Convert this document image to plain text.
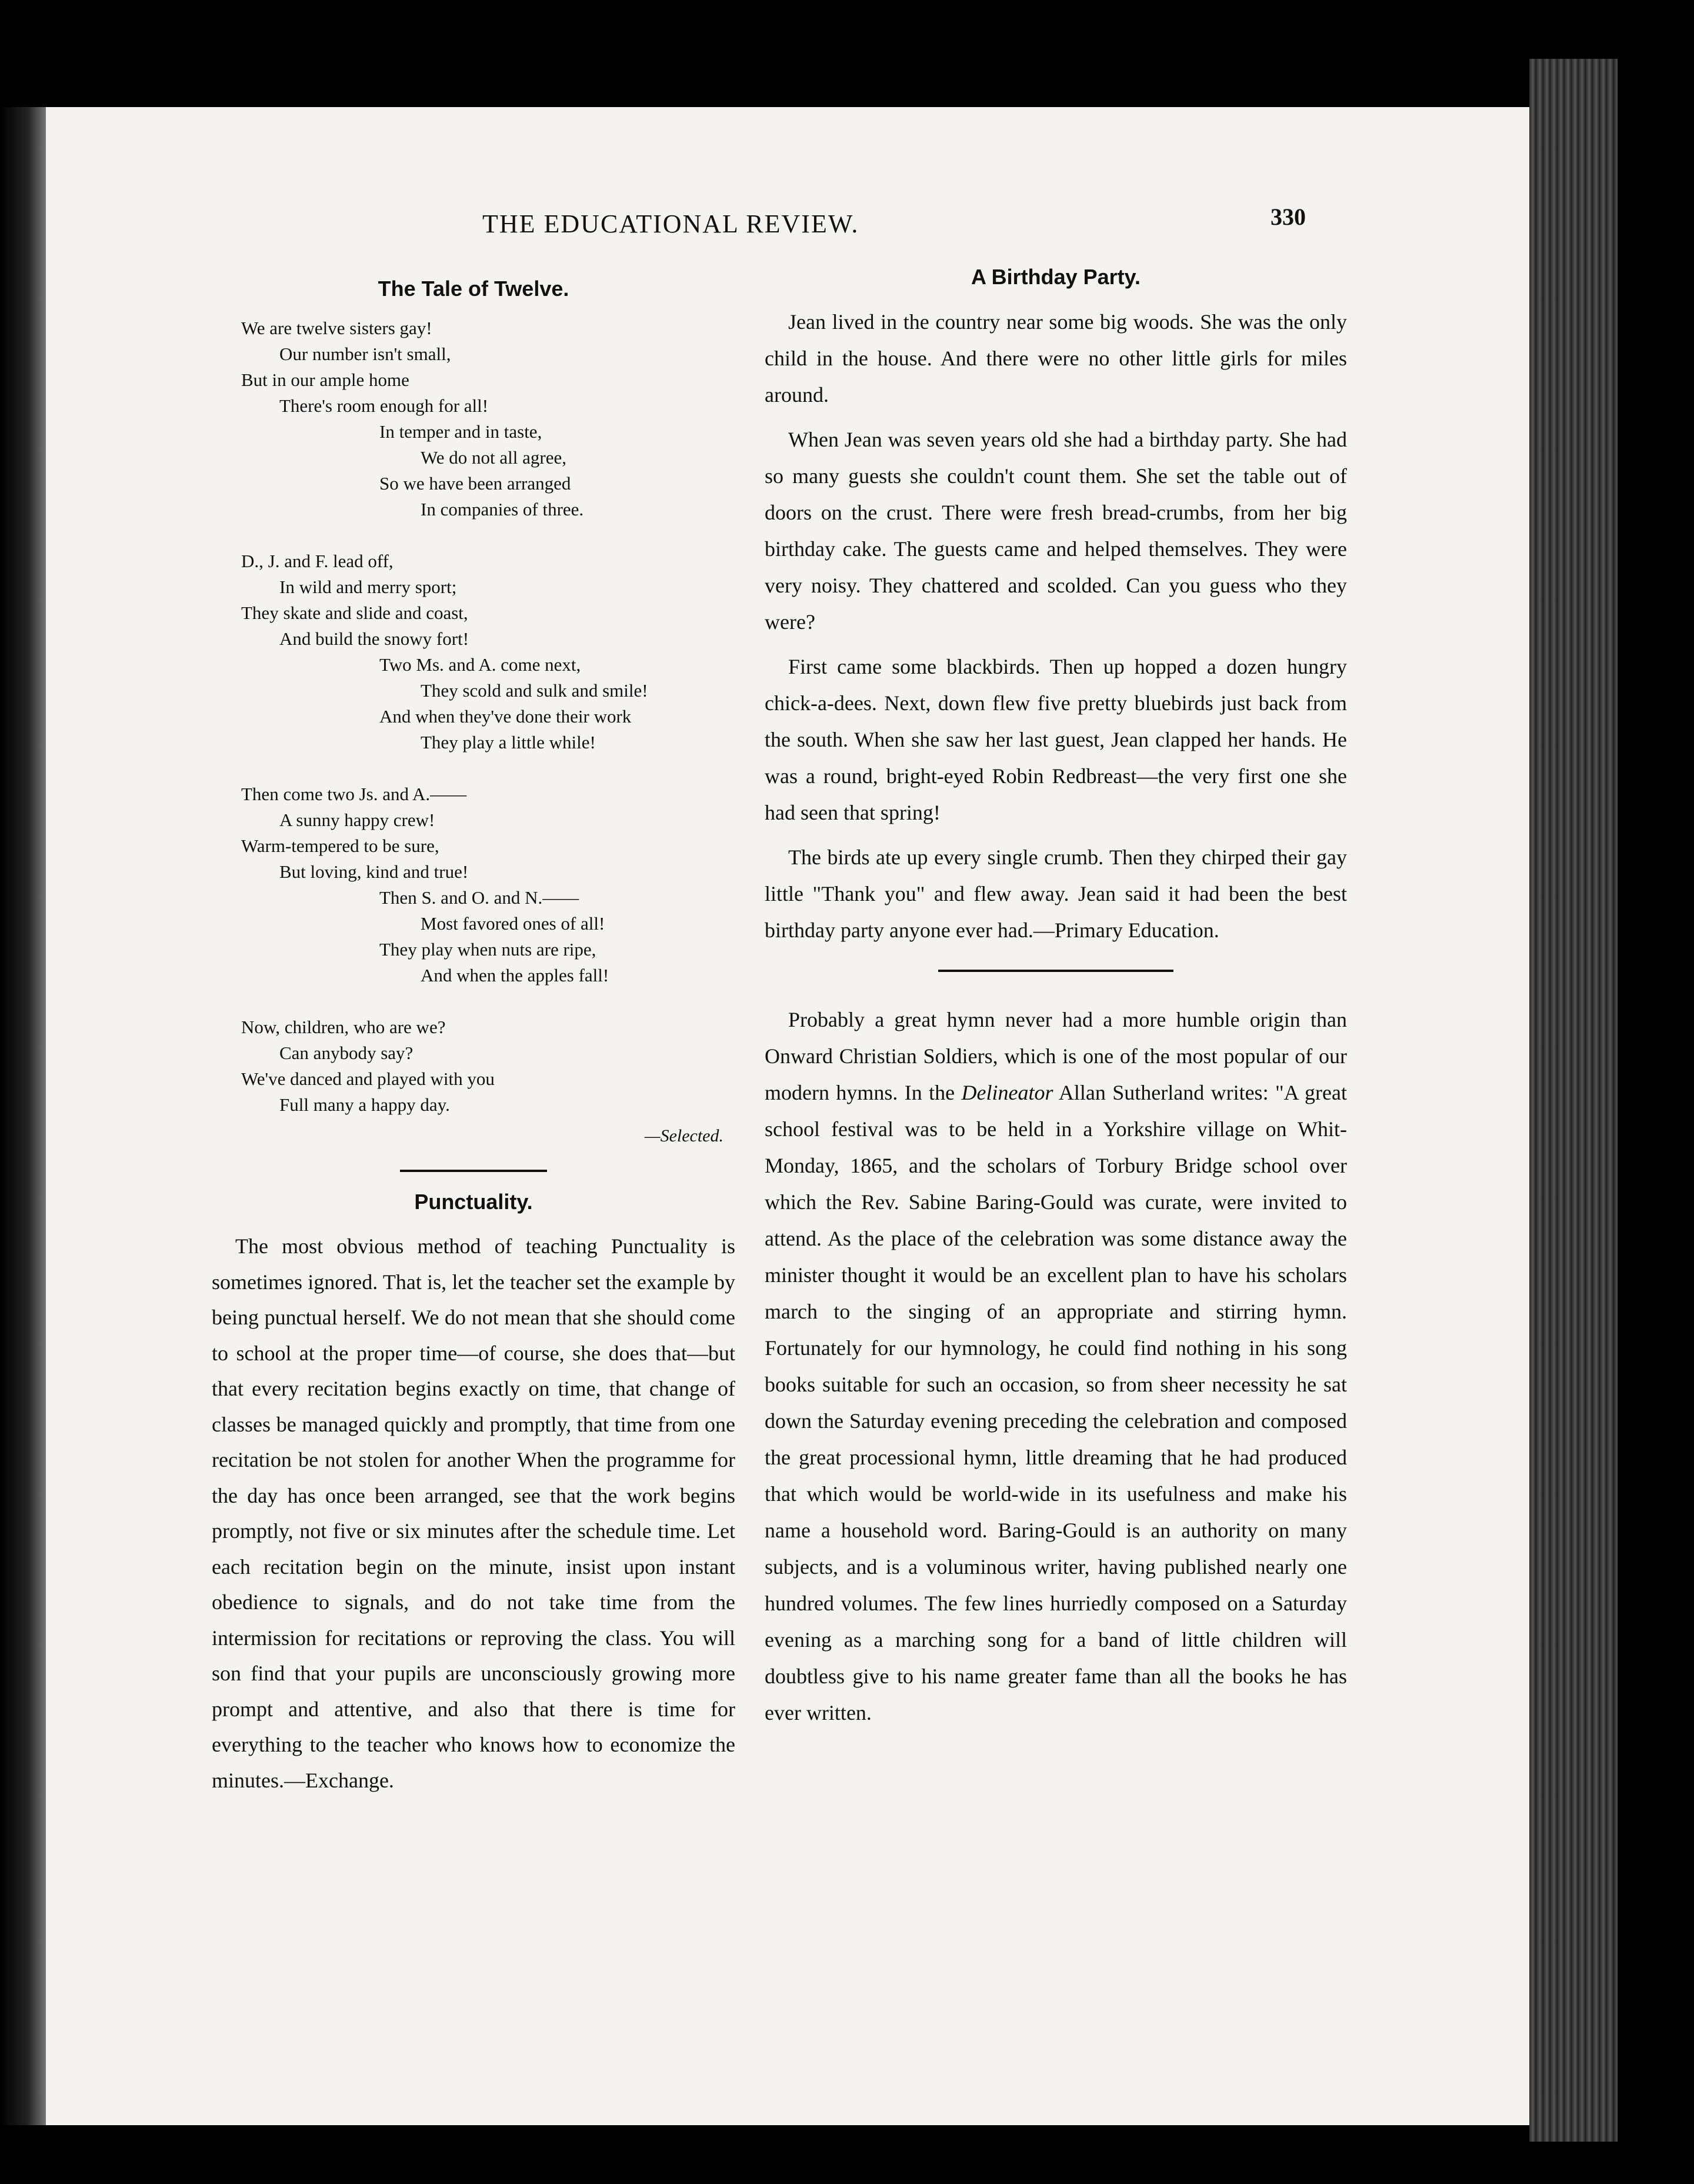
THE EDUCATIONAL REVIEW.	330
The Tale of Twelve.
We are twelve sisters gay!
Our number isn't small,
But in our ample home
There's room enough for all!
In temper and in taste,
We do not all agree,
So we have been arranged
In companies of three.
D., J. and F. lead off,
In wild and merry sport;
They skate and slide and coast,
And build the snowy fort!
Two Ms. and A. come next,
They scold and sulk and smile!
And when they've done their work
They play a little while!
Then come two Js. and A.——
A sunny happy crew!
Warm-tempered to be sure,
But loving, kind and true!
Then S. and O. and N.——
Most favored ones of all!
They play when nuts are ripe,
And when the apples fall!
Now, children, who are we?
Can anybody say?
We've danced and played with you
Full many a happy day.
—Selected.
Punctuality.

The most obvious method of teaching Punctuality is sometimes ignored. That is, let the teacher set the example by being punctual herself. We do not mean that she should come to school at the proper time—of course, she does that—but that every recitation begins exactly on time, that change of classes be managed quickly and promptly, that time from one recitation be not stolen for another When the programme for the day has once been arranged, see that the work begins promptly, not five or six minutes after the schedule time. Let each recitation begin on the minute, insist upon instant obedience to signals, and do not take time from the intermission for recitations or reproving the class. You will son find that your pupils are unconsciously growing more prompt and attentive, and also that there is time for everything to the teacher who knows how to economize the minutes.—Exchange.

A Birthday Party.

Jean lived in the country near some big woods. She was the only child in the house. And there were no other little girls for miles around.

When Jean was seven years old she had a birthday party. She had so many guests she couldn't count them. She set the table out of doors on the crust. There were fresh bread-crumbs, from her big birthday cake. The guests came and helped themselves. They were very noisy. They chattered and scolded. Can you guess who they were?

First came some blackbirds. Then up hopped a dozen hungry chick-a-dees. Next, down flew five pretty bluebirds just back from the south. When she saw her last guest, Jean clapped her hands. He was a round, bright-eyed Robin Redbreast—the very first one she had seen that spring!

The birds ate up every single crumb. Then they chirped their gay little "Thank you" and flew away. Jean said it had been the best birthday party anyone ever had.—Primary Education.

Probably a great hymn never had a more humble origin than Onward Christian Soldiers, which is one of the most popular of our modern hymns. In the Delineator Allan Sutherland writes: "A great school festival was to be held in a Yorkshire village on Whit-Monday, 1865, and the scholars of Torbury Bridge school over which the Rev. Sabine Baring-Gould was curate, were invited to attend. As the place of the celebration was some distance away the minister thought it would be an excellent plan to have his scholars march to the singing of an appropriate and stirring hymn. Fortunately for our hymnology, he could find nothing in his song books suitable for such an occasion, so from sheer necessity he sat down the Saturday evening preceding the celebration and composed the great processional hymn, little dreaming that he had produced that which would be world-wide in its usefulness and make his name a household word. Baring-Gould is an authority on many subjects, and is a voluminous writer, having published nearly one hundred volumes. The few lines hurriedly composed on a Saturday evening as a marching song for a band of little children will doubtless give to his name greater fame than all the books he has ever written.
